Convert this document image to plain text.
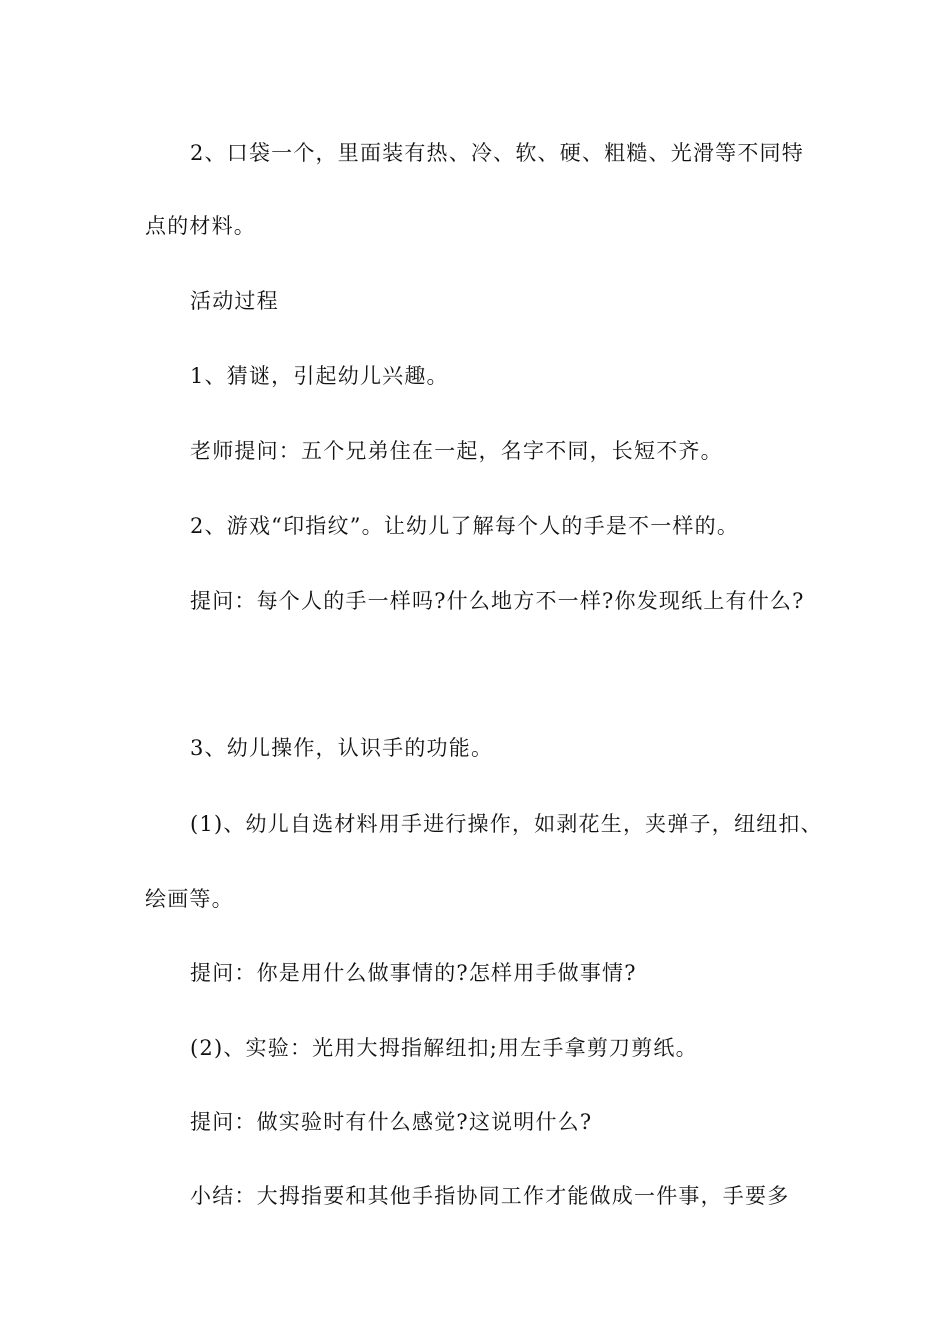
2、口袋一个，里面装有热、冷、软、硬、粗糙、光滑等不同特
点的材料。
活动过程
1、猜谜，引起幼儿兴趣。
老师提问：五个兄弟住在一起，名字不同，长短不齐。
2、游戏“印指纹”。让幼儿了解每个人的手是不一样的。
提问：每个人的手一样吗?什么地方不一样?你发现纸上有什么?
3、幼儿操作，认识手的功能。
(1)、幼儿自选材料用手进行操作，如剥花生，夹弹子，纽纽扣、
绘画等。
提问：你是用什么做事情的?怎样用手做事情?
(2)、实验：光用大拇指解纽扣;用左手拿剪刀剪纸。
提问：做实验时有什么感觉?这说明什么?
小结：大拇指要和其他手指协同工作才能做成一件事，手要多
